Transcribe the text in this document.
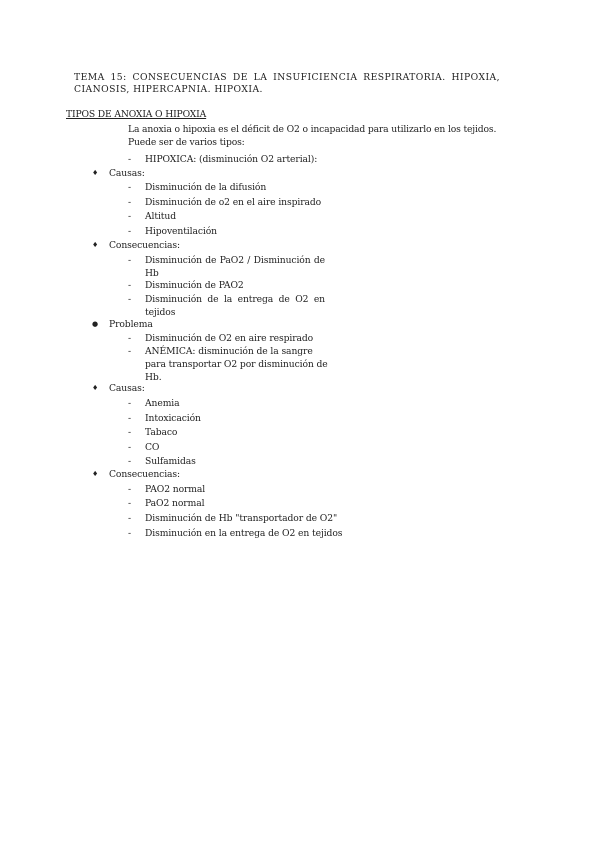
TEMA 15: CONSECUENCIAS DE LA INSUFICIENCIA RESPIRATORIA. HIPOXIA, CIANOSIS, HIPERCAPNIA. HIPOXIA.
TIPOS DE ANOXIA O HIPOXIA
La anoxia o hipoxia es el déficit de O2 o incapacidad para utilizarlo en los tejidos. Puede ser de varios tipos:
- HIPOXICA: (disminución O2 arterial):
♦ Causas:
- Disminución de la difusión
- Disminución de o2 en el aire inspirado
- Altitud
- Hipoventilación
♦ Consecuencias:
- Disminución de PaO2 / Disminución de Hb
- Disminución de PAO2
- Disminución de la entrega de O2 en tejidos
● Problema
- Disminución de O2 en aire respirado
- ANÉMICA: disminución de la sangre para transportar O2 por disminución de Hb.
♦ Causas:
- Anemia
- Intoxicación
- Tabaco
- CO
- Sulfamidas
♦ Consecuencias:
- PAO2 normal
- PaO2 normal
- Disminución de Hb "transportador de O2"
- Disminución en la entrega de O2 en tejidos
